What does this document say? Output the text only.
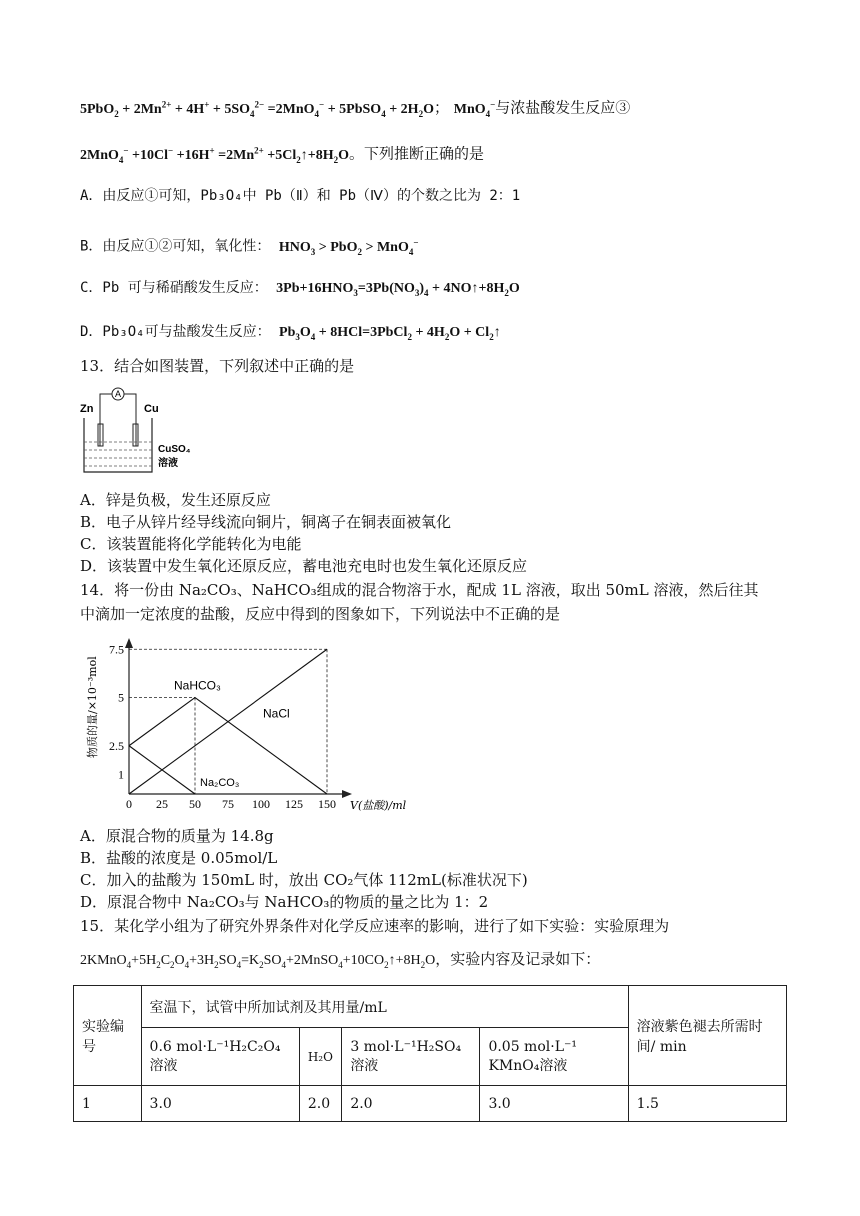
$5PbO_2 + 2Mn^{2+} + 4H^+ + 5SO_4^{2-} =2MnO_4^-$ + 5PbSO$_4$ + $2H_2O$； MnO$_4$−与浓盐酸发生反应③
$2MnO_4^- +10Cl^- +16H^+ =2Mn^{2+}$ $+5Cl_2↑+8H_2O$。下列推断正确的是
A．由反应①可知，Pb₃O₄中 Pb（Ⅱ）和 Pb（Ⅳ）的个数之比为 2：1
B．由反应①②可知，氧化性： $HNO_3 > PbO_2 > MnO_4^-$
C．Pb 可与稀硝酸发生反应： $3Pb+16HNO_3=3Pb(NO_3)_4$ + $4NO↑+8H_2O$
D．Pb₃O₄可与盐酸发生反应： $Pb_3O_4$ + 8HCl=3PbCl$_2$ + $4H_2O$ + $Cl_2↑$
13．结合如图装置，下列叙述中正确的是
A
Zn	Cu
CuSO₄
溶液
A．锌是负极，发生还原反应
B．电子从锌片经导线流向铜片，铜离子在铜表面被氧化
C．该装置能将化学能转化为电能
D．该装置中发生氧化还原反应，蓄电池充电时也发生氧化还原反应
14．将一份由 Na₂CO₃、NaHCO₃组成的混合物溶于水，配成 1L 溶液，取出 50mL 溶液，然后往其
中滴加一定浓度的盐酸，反应中得到的图象如下，下列说法中不正确的是
0 25 50 75 100 125 150
1
2.5
5
7.5
NaHCO₃
NaCl
Na₂CO₃
V(盐酸)/ml
物质的量/×10⁻³mol
A．原混合物的质量为 14.8g
B．盐酸的浓度是 0.05mol/L
C．加入的盐酸为 150mL 时，放出 CO₂气体 112mL(标准状况下)
D．原混合物中 Na₂CO₃与 NaHCO₃的物质的量之比为 1：2
15．某化学小组为了研究外界条件对化学反应速率的影响，进行了如下实验：实验原理为
$2KMnO_4+5H_2C_2O_4+3H_2SO_4=K_2SO_4+2MnSO_4+10CO_2↑+8H_2O$，实验内容及记录如下：
实验编号	室温下，试管中所加试剂及其用量/mL				溶液紫色褪去所需时间/ min
	0.6 mol·L⁻¹H₂C₂O₄溶液	H₂O	3 mol·L⁻¹H₂SO₄溶液	0.05 mol·L⁻¹ KMnO₄溶液	
1	3.0	2.0	2.0	3.0	1.5
